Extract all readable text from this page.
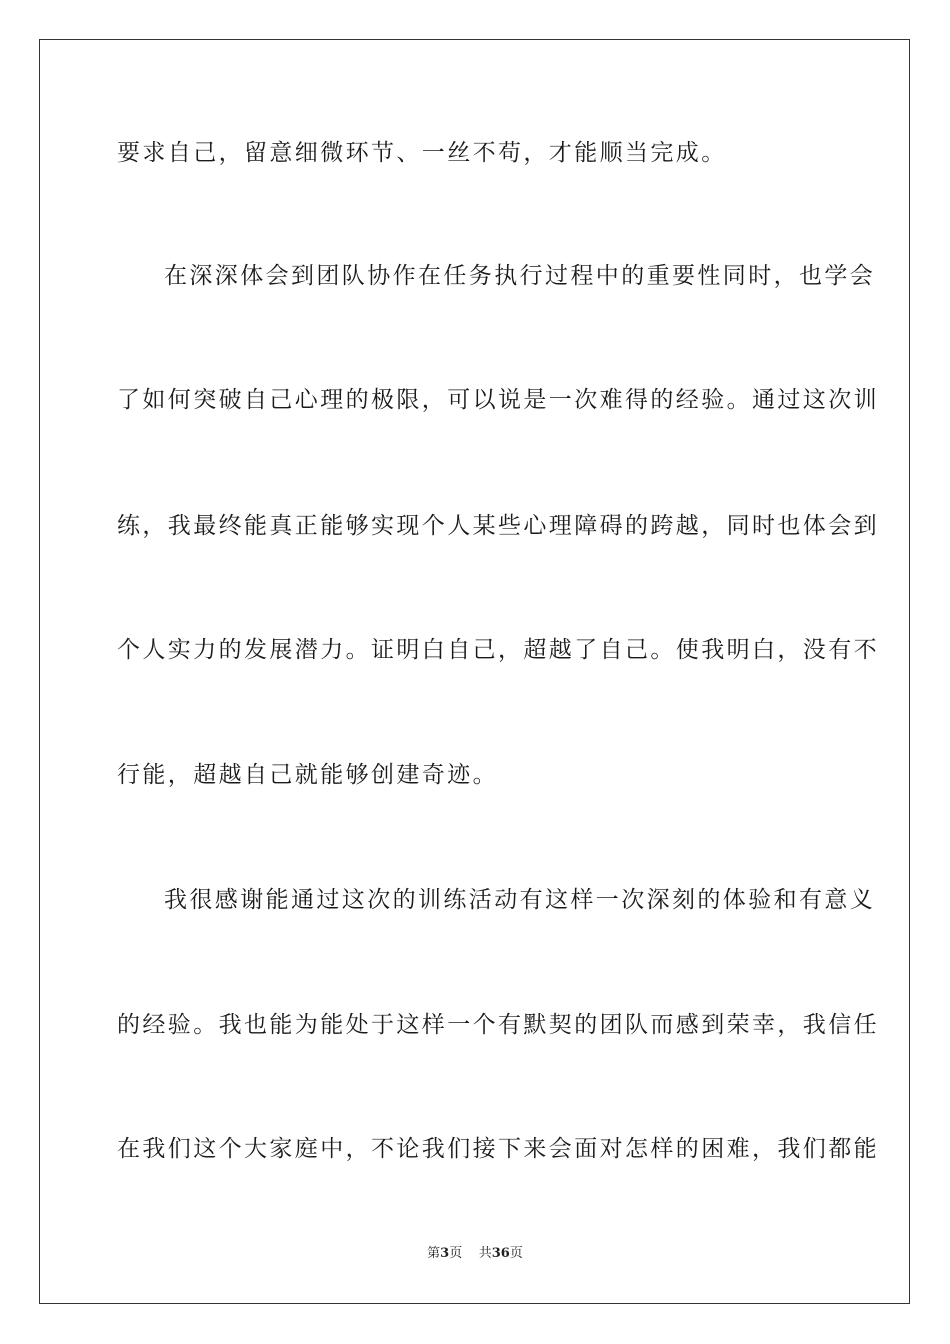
要求自己，留意细微环节、一丝不苟，才能顺当完成。
在深深体会到团队协作在任务执行过程中的重要性同时，也学会
了如何突破自己心理的极限，可以说是一次难得的经验。通过这次训
练，我最终能真正能够实现个人某些心理障碍的跨越，同时也体会到
个人实力的发展潜力。证明白自己，超越了自己。使我明白，没有不
行能，超越自己就能够创建奇迹。
我很感谢能通过这次的训练活动有这样一次深刻的体验和有意义
的经验。我也能为能处于这样一个有默契的团队而感到荣幸，我信任
在我们这个大家庭中，不论我们接下来会面对怎样的困难，我们都能
第3页 共36页
